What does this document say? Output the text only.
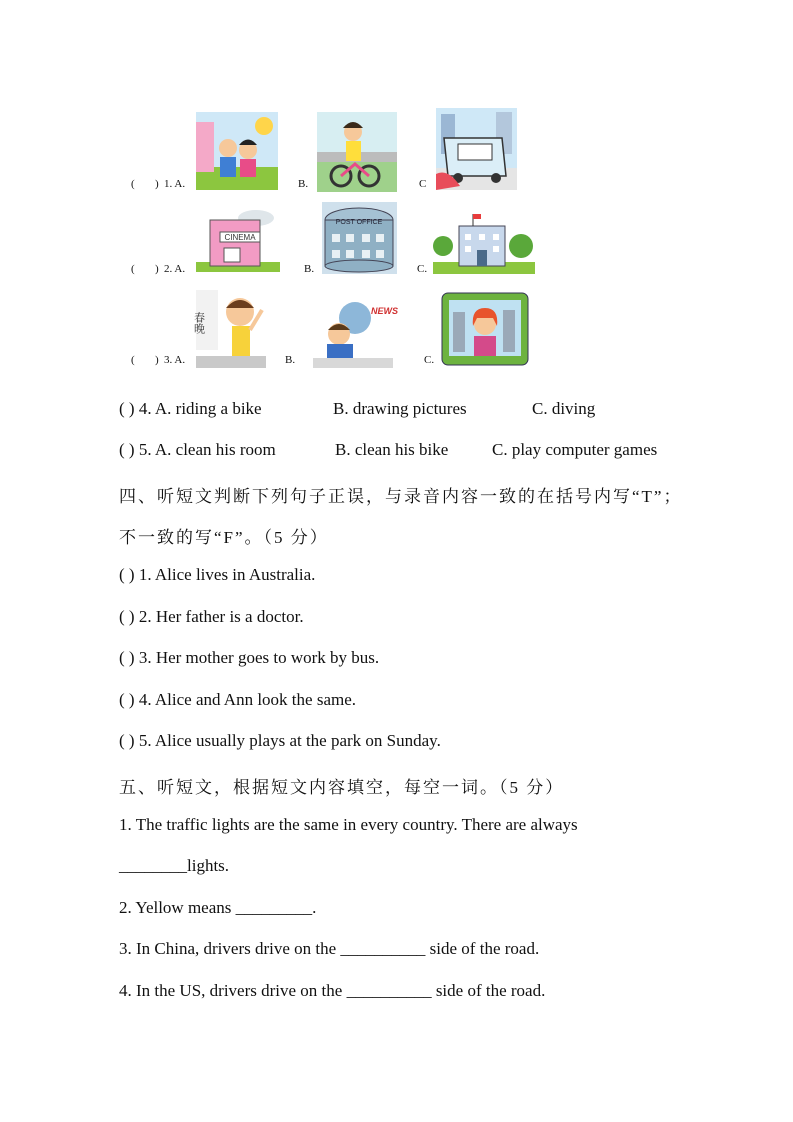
( ) 1. A.	B.	C
( ) 2. A.
CINEMA
B.
POST OFFICE
C.
( ) 3. A.
春晚
B.
NEWS
C.
( ) 4. A. riding a bike	B. drawing pictures	C. diving
( ) 5. A. clean his room	B. clean his bike	C. play computer games
四、听短文判断下列句子正误，与录音内容一致的在括号内写“T”；
不一致的写“F”。（5 分）
( ) 1. Alice lives in Australia.
( ) 2. Her father is a doctor.
( ) 3. Her mother goes to work by bus.
( ) 4. Alice and Ann look the same.
( ) 5. Alice usually plays at the park on Sunday.
五、听短文，根据短文内容填空，每空一词。（5 分）
1. The traffic lights are the same in every country. There are always
________lights.
2. Yellow means _________.
3. In China, drivers drive on the __________ side of the road.
4. In the US, drivers drive on the __________ side of the road.
